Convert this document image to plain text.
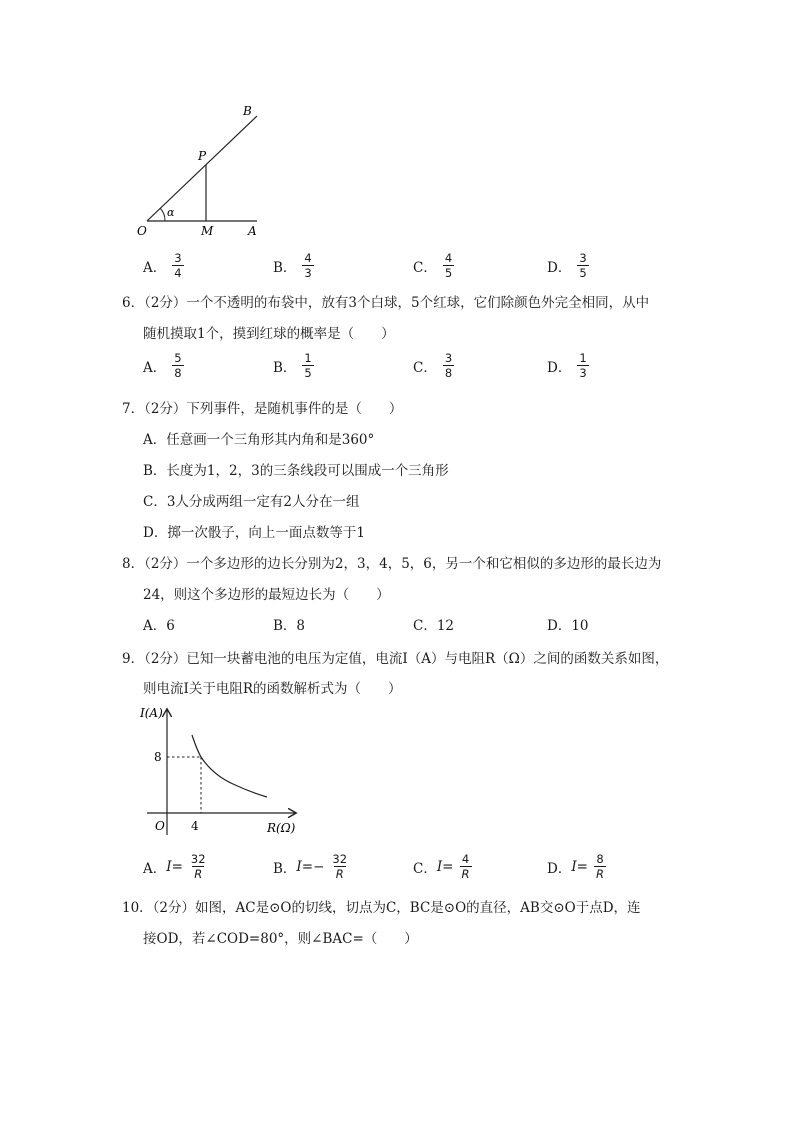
B
P
O	M	A
α
A． $\frac{3}{4}$	B． $\frac{4}{3}$	C． $\frac{4}{5}$	D． $\frac{3}{5}$
6．（2分）一个不透明的布袋中，放有3个白球，5个红球，它们除颜色外完全相同，从中
随机摸取1个，摸到红球的概率是（　　）
A． $\frac{5}{8}$	B． $\frac{1}{5}$	C． $\frac{3}{8}$	D． $\frac{1}{3}$
7．（2分）下列事件，是随机事件的是（　　）
A．任意画一个三角形其内角和是360°
B．长度为1，2，3的三条线段可以围成一个三角形
C．3人分成两组一定有2人分在一组
D．掷一次骰子，向上一面点数等于1
8．（2分）一个多边形的边长分别为2，3，4，5，6，另一个和它相似的多边形的最长边为
24，则这个多边形的最短边长为（　　）
A．6	B．8	C．12	D．10
9．（2分）已知一块蓄电池的电压为定值，电流I（A）与电阻R（Ω）之间的函数关系如图，
则电流I关于电阻R的函数解析式为（　　）
I(A)
R(Ω)
O
8
4
A． $I= \frac{32}{R}$	B． $I= - \frac{32}{R}$	C． $I= \frac{4}{R}$	D． $I= \frac{8}{R}$
10．（2分）如图，AC是⊙O的切线，切点为C，BC是⊙O的直径，AB交⊙O于点D，连
接OD，若∠COD=80°，则∠BAC=（　　）
